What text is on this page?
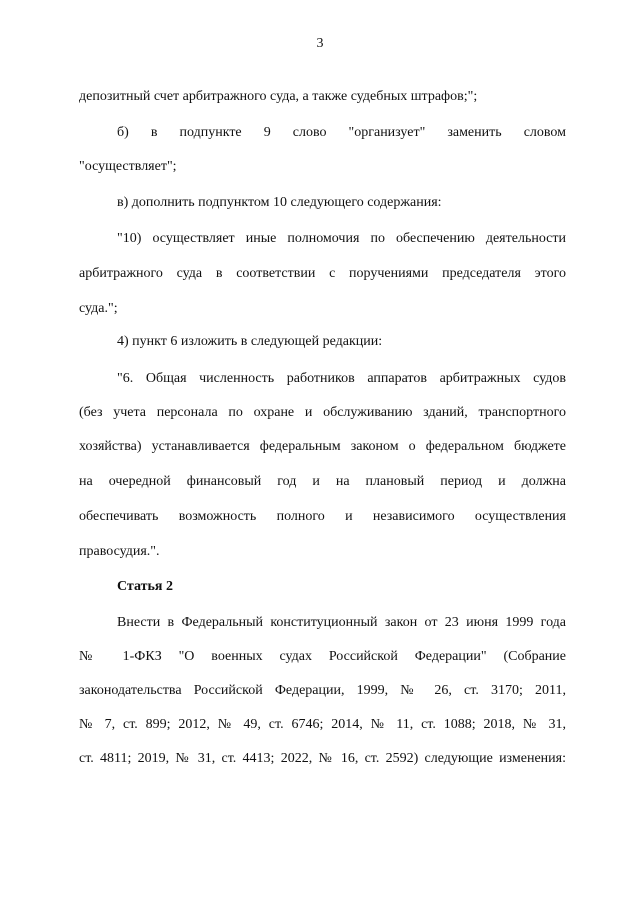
3
депозитный счет арбитражного суда, а также судебных штрафов;";
б) в подпункте 9 слово "организует" заменить словом
"осуществляет";
в) дополнить подпунктом 10 следующего содержания:
"10) осуществляет иные полномочия по обеспечению деятельности
арбитражного суда в соответствии с поручениями председателя этого
суда.";
4) пункт 6 изложить в следующей редакции:
"6. Общая численность работников аппаратов арбитражных судов
(без учета персонала по охране и обслуживанию зданий, транспортного
хозяйства) устанавливается федеральным законом о федеральном бюджете
на очередной финансовый год и на плановый период и должна
обеспечивать возможность полного и независимого осуществления
правосудия.".
Статья 2
Внести в Федеральный конституционный закон от 23 июня 1999 года
№ 1-ФКЗ "О военных судах Российской Федерации" (Собрание
законодательства Российской Федерации, 1999, № 26, ст. 3170; 2011,
№ 7, ст. 899; 2012, № 49, ст. 6746; 2014, № 11, ст. 1088; 2018, № 31,
ст. 4811; 2019, № 31, ст. 4413; 2022, № 16, ст. 2592) следующие изменения:
